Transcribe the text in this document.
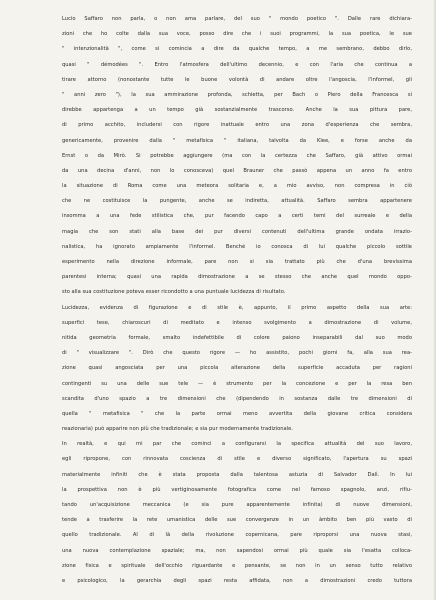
Lucio Saffaro non parla, o non ama parlare, del suo " mondo poetico ". Dalle rare dichiara-
zioni che ho colte dalla sua voce, posso dire che i suoi programmi, la sua poetica, le sue
" intenzionalità ", come si comincia a dire da qualche tempo, a me sembrano, debbo dirlo,
quasi " démodées ". Entro l'atmosfera dell'ultimo decennio, e con l'aria che continua a
tirare attorno (nonostante tutte le buone volontà di andare oltre l'angoscia, l'informel, gli
" anni zero "), la sua ammirazione profonda, schietta, per Bach o Piero della Francesca si
direbbe appartenga a un tempo già sostanzialmente trascorso. Anche la sua pittura pare,
di primo acchito, includersi con rigore inattuale entro una zona d'esperienza che sembra,
genericamente, provenire dalla " metafisica " italiana, talvolta da Klee, e forse anche da
Ernst o da Mirò. Si potrebbe aggiungere (ma con la certezza che Saffaro, già attivo ormai
da una decina d'anni, non lo conosceva) quel Brauner che passò appena un anno fa entro
la situazione di Roma come una meteora solitaria e, a mio avviso, non compresa in ciò
che ne costituisce la pungente, anche se indiretta, attualità. Saffaro sembra appartenere
insomma a una fede stilistica che, pur facendo capo a certi temi del surreale e della
magia che son stati alla base dei pur diversi contenuti dell'ultima grande ondata irrazio-
nalistica, ha ignorato ampiamente l'informel. Benché io conosca di lui qualche piccolo sottile
esperimento nella direzione informale, pare non si sia trattato più che d'una brevissima
parentesi interna; quasi una rapida dimostrazione a se stesso che anche quel mondo oppo-
sto alla sua costituzione poteva esser ricondotto a una puntuale lucidezza di risultato.
Lucidezza, evidenza di figurazione e di stile è, appunto, il primo aspetto della sua arte:
superfici tese, chiaroscuri di meditato e intenso svolgimento a dimostrazione di volume,
nitida geometria formale, smalto indefettibile di colore paiono inseparabili dal suo modo
di " visualizzare ". Dirò che questo rigore — ho assistito, pochi giorni fa, alla sua rea-
zione quasi angosciata per una piccola alterazione della superficie accaduta per ragioni
contingenti su una delle sue tele — è strumento per la concezione e per la resa ben
scandita d'uno spazio a tre dimensioni che (dipendendo in sostanza dalle tre dimensioni di
quella " metafisica " che la parte ormai meno avvertita della giovane critica considera
reazionaria) può apparire non più che tradizionale; e sia pur modernamente tradizionale.
In realtà, e qui mi par che cominci a configurarsi la specifica attualità del suo lavoro,
egli ripropone, con rinnovata coscienza di stile e diverso significato, l'apertura su spazi
materialmente infiniti che è stata proposta dalla talentosa astuzia di Salvador Dalì. In lui
la prospettiva non è più vertiginosamente fotografica come nel famoso spagnolo, anzi, rifiu-
tando un'acquisizione meccanica (e sia pure apparentemente infinita) di nuove dimensioni,
tende a trasferire la rete umanistica delle sue convergenze in un àmbito ben più vasto di
quello tradizionale. Al di là della rivoluzione copernicana, pare riproporsi una nuova stasi,
una nuova contemplazione spaziale; ma, non sapendosi ormai più quale sia l'esatta colloca-
zione fisica e spirituale dell'occhio riguardante e pensante, se non in un senso tutto relativo
e psicologico, la gerarchia degli spazi resta affidata, non a dimostrazioni credo tuttora
